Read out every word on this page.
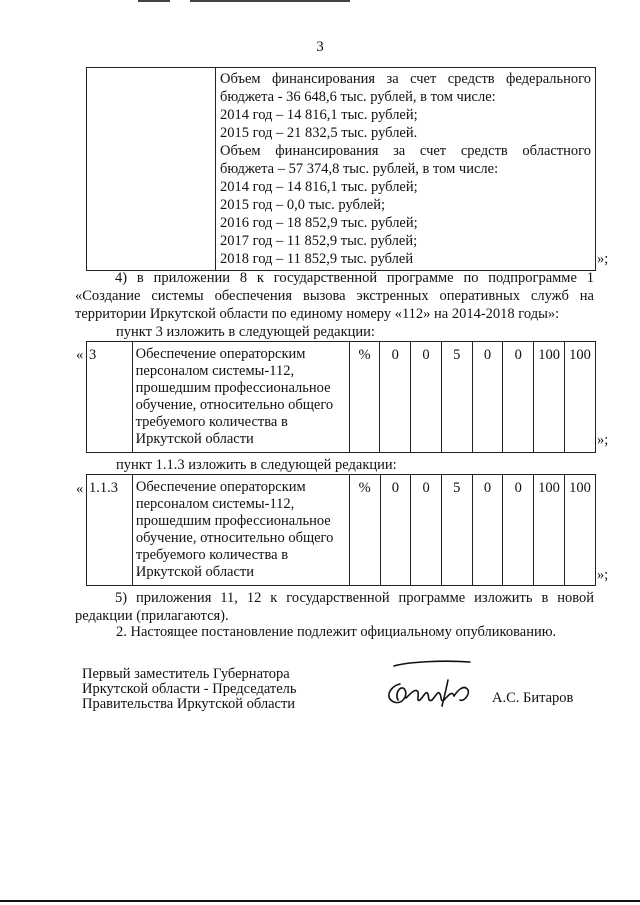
3

Объем финансирования за счет средств федерального
бюджета - 36 648,6 тыс. рублей, в том числе:
2014 год – 14 816,1 тыс. рублей;
2015 год – 21 832,5 тыс. рублей.
Объем финансирования за счет средств областного
бюджета – 57 374,8 тыс. рублей, в том числе:
2014 год – 14 816,1 тыс. рублей;
2015 год – 0,0 тыс. рублей;
2016 год – 18 852,9 тыс. рублей;
2017 год – 11 852,9 тыс. рублей;
2018 год – 11 852,9 тыс. рублей	»;
4) в приложении 8 к государственной программе по подпрограмме 1
«Создание системы обеспечения вызова экстренных оперативных служб на
территории Иркутской области по единому номеру «112» на 2014-2018 годы»:
пункт 3 изложить в следующей редакции:
« 3	Обеспечение операторским
персоналом системы-112,
прошедшим профессиональное
обучение, относительно общего
требуемого количества в
Иркутской области
	%	0	0	5	0	0	100	100
»;
пункт 1.1.3 изложить в следующей редакции:
« 1.1.3	Обеспечение операторским
персоналом системы-112,
прошедшим профессиональное
обучение, относительно общего
требуемого количества в
Иркутской области
	%	0	0	5	0	0	100	100
»;
5) приложения 11, 12 к государственной программе изложить в новой
редакции (прилагаются).
2. Настоящее постановление подлежит официальному опубликованию.
Первый заместитель Губернатора
Иркутской области - Председатель
Правительства Иркутской области	А.С. Битаров
